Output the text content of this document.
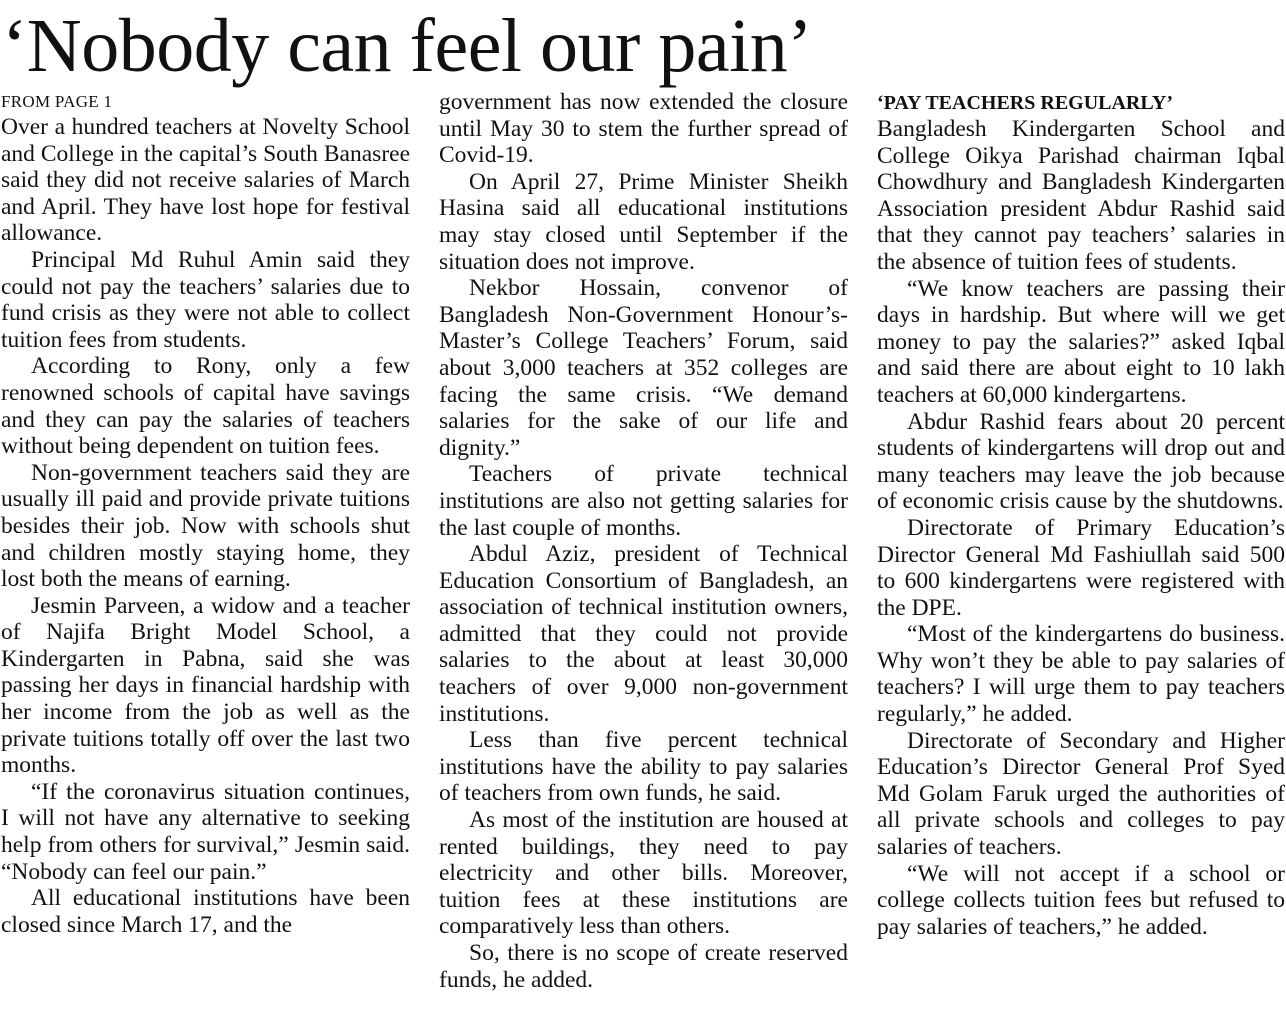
‘Nobody can feel our pain’
FROM PAGE 1

Over a hundred teachers at Novelty School and College in the capital’s South Banasree said they did not receive salaries of March and April. They have lost hope for festival allowance.

Principal Md Ruhul Amin said they could not pay the teachers’ salaries due to fund crisis as they were not able to collect tuition fees from students.

According to Rony, only a few renowned schools of capital have savings and they can pay the salaries of teachers without being dependent on tuition fees.

Non-government teachers said they are usually ill paid and provide private tuitions besides their job. Now with schools shut and children mostly staying home, they lost both the means of earning.

Jesmin Parveen, a widow and a teacher of Najifa Bright Model School, a Kindergarten in Pabna, said she was passing her days in financial hardship with her income from the job as well as the private tuitions totally off over the last two months.

“If the coronavirus situation continues, I will not have any alternative to seeking help from others for survival,” Jesmin said. “Nobody can feel our pain.”

All educational institutions have been closed since March 17, and the

government has now extended the closure until May 30 to stem the further spread of Covid-19.

On April 27, Prime Minister Sheikh Hasina said all educational institutions may stay closed until September if the situation does not improve.

Nekbor Hossain, convenor of Bangladesh Non-Government Honour’s-Master’s College Teachers’ Forum, said about 3,000 teachers at 352 colleges are facing the same crisis. “We demand salaries for the sake of our life and dignity.”

Teachers of private technical institutions are also not getting salaries for the last couple of months.

Abdul Aziz, president of Technical Education Consortium of Bangladesh, an association of technical institution owners, admitted that they could not provide salaries to the about at least 30,000 teachers of over 9,000 non-government institutions.

Less than five percent technical institutions have the ability to pay salaries of teachers from own funds, he said.

As most of the institution are housed at rented buildings, they need to pay electricity and other bills. Moreover, tuition fees at these institutions are comparatively less than others.

So, there is no scope of create reserved funds, he added.

‘PAY TEACHERS REGULARLY’

Bangladesh Kindergarten School and College Oikya Parishad chairman Iqbal Chowdhury and Bangladesh Kindergarten Association president Abdur Rashid said that they cannot pay teachers’ salaries in the absence of tuition fees of students.

“We know teachers are passing their days in hardship. But where will we get money to pay the salaries?” asked Iqbal and said there are about eight to 10 lakh teachers at 60,000 kindergartens.

Abdur Rashid fears about 20 percent students of kindergartens will drop out and many teachers may leave the job because of economic crisis cause by the shutdowns.

Directorate of Primary Education’s Director General Md Fashiullah said 500 to 600 kindergartens were registered with the DPE.

“Most of the kindergartens do business. Why won’t they be able to pay salaries of teachers? I will urge them to pay teachers regularly,” he added.

Directorate of Secondary and Higher Education’s Director General Prof Syed Md Golam Faruk urged the authorities of all private schools and colleges to pay salaries of teachers.

“We will not accept if a school or college collects tuition fees but refused to pay salaries of teachers,” he added.
